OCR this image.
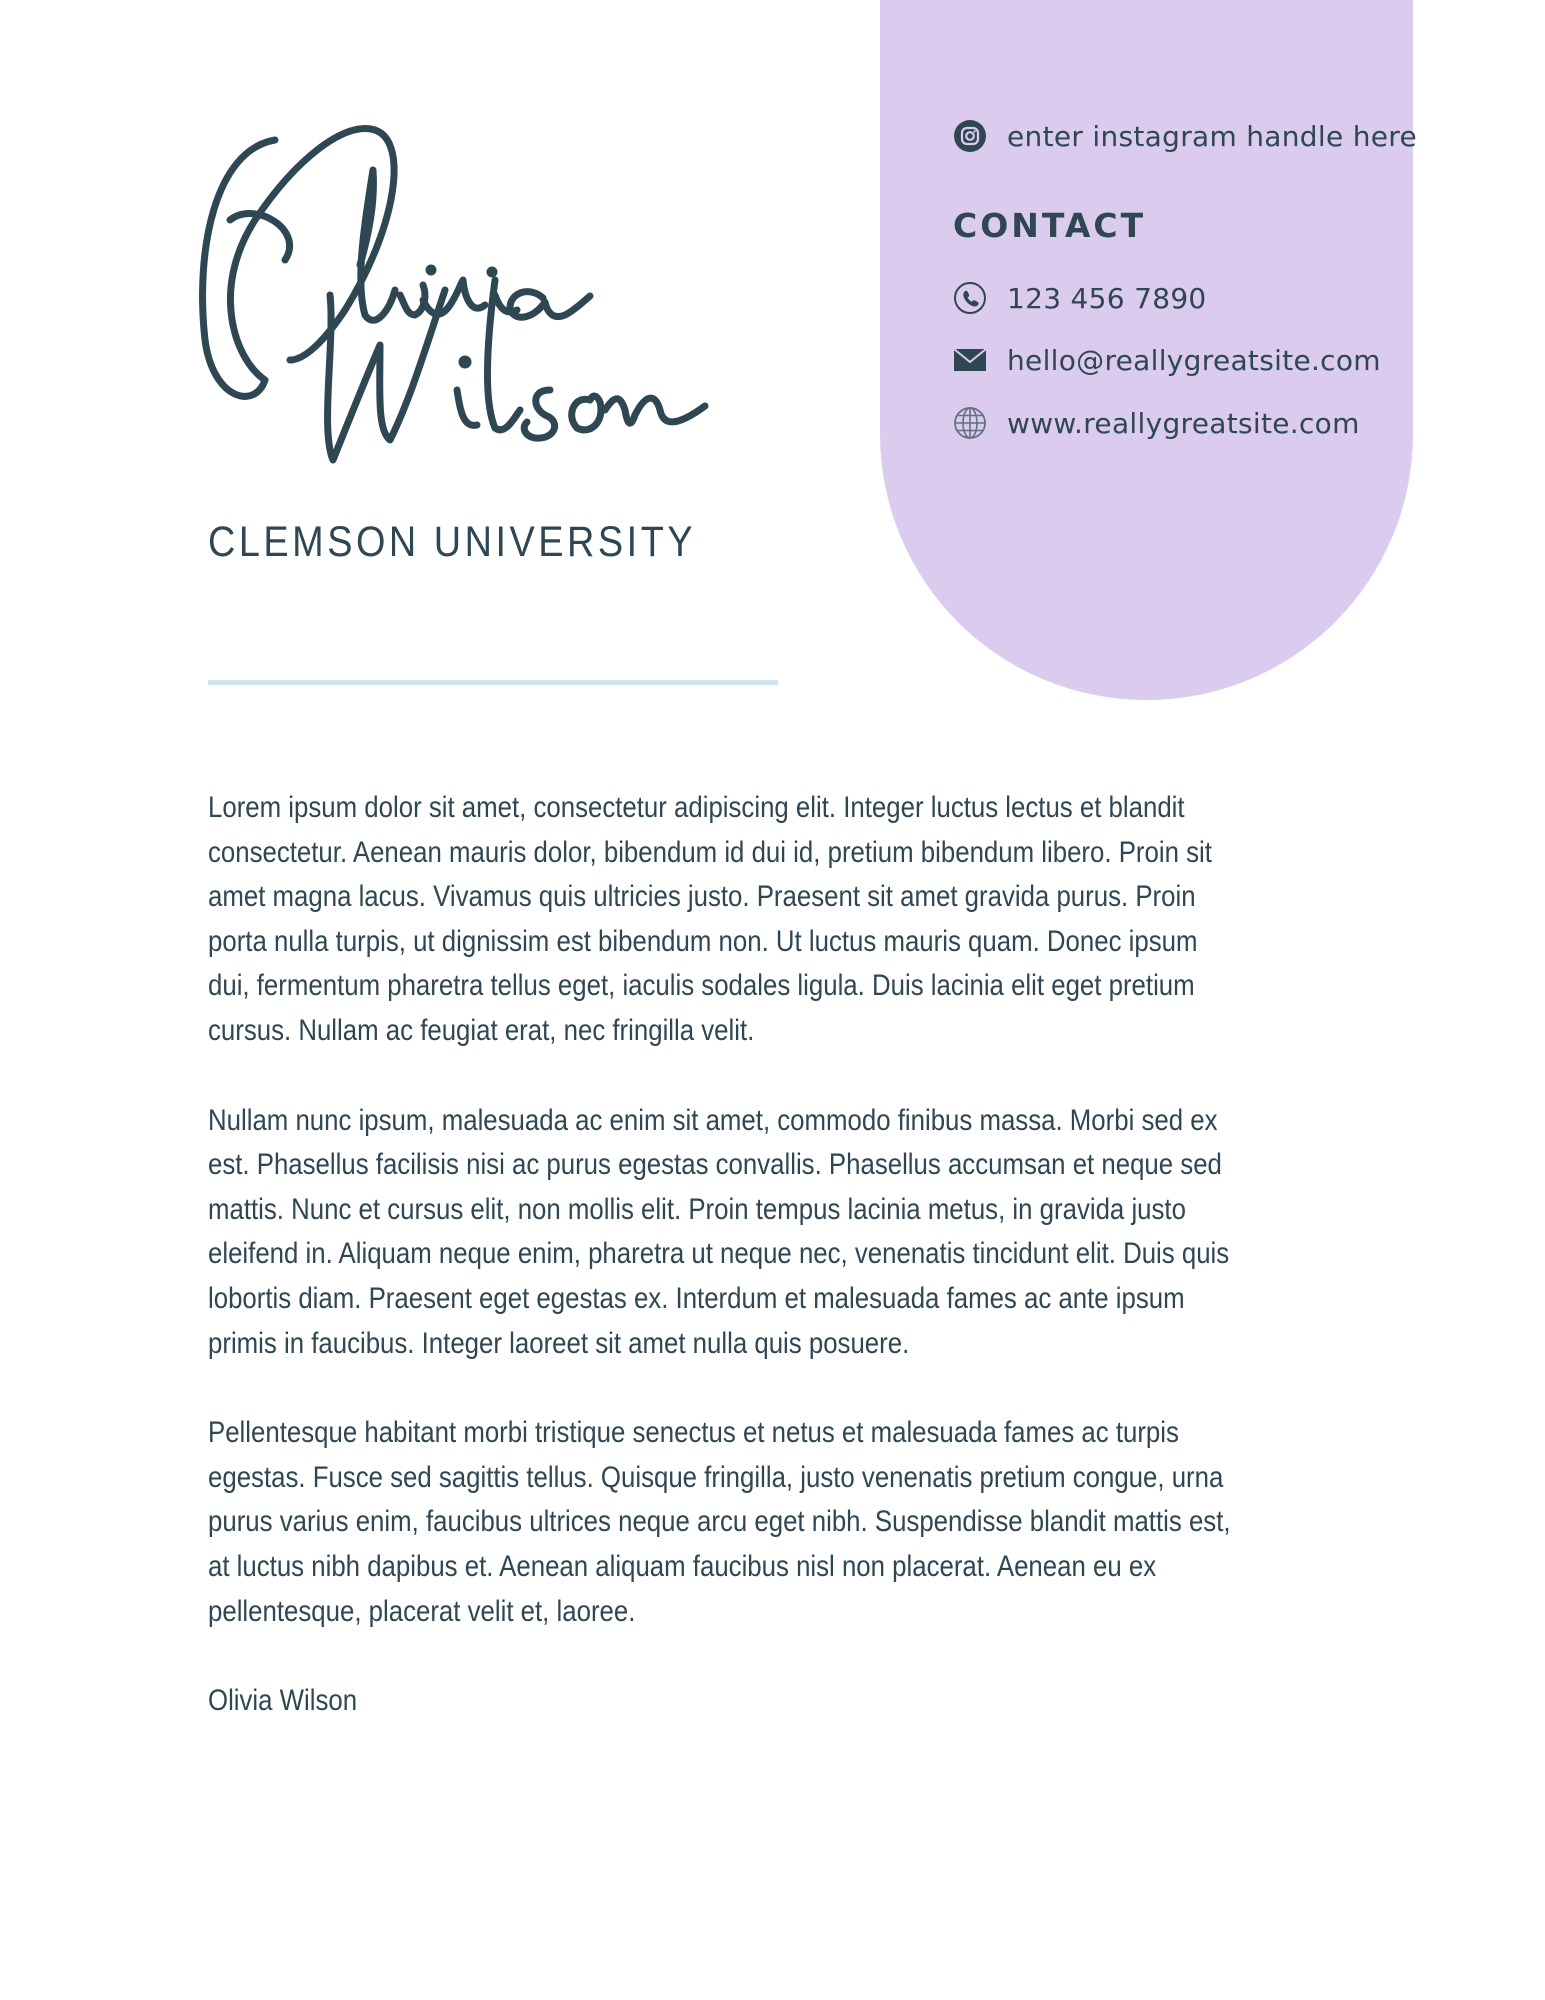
enter instagram handle here
CONTACT
123 456 7890
hello@reallygreatsite.com
www.reallygreatsite.com
CLEMSON UNIVERSITY

Lorem ipsum dolor sit amet, consectetur adipiscing elit. Integer luctus lectus et blandit consectetur. Aenean mauris dolor, bibendum id dui id, pretium bibendum libero. Proin sit amet magna lacus. Vivamus quis ultricies justo. Praesent sit amet gravida purus. Proin porta nulla turpis, ut dignissim est bibendum non. Ut luctus mauris quam. Donec ipsum dui, fermentum pharetra tellus eget, iaculis sodales ligula. Duis lacinia elit eget pretium cursus. Nullam ac feugiat erat, nec fringilla velit.

Nullam nunc ipsum, malesuada ac enim sit amet, commodo finibus massa. Morbi sed ex est. Phasellus facilisis nisi ac purus egestas convallis. Phasellus accumsan et neque sed mattis. Nunc et cursus elit, non mollis elit. Proin tempus lacinia metus, in gravida justo eleifend in. Aliquam neque enim, pharetra ut neque nec, venenatis tincidunt elit. Duis quis lobortis diam. Praesent eget egestas ex. Interdum et malesuada fames ac ante ipsum primis in faucibus. Integer laoreet sit amet nulla quis posuere.

Pellentesque habitant morbi tristique senectus et netus et malesuada fames ac turpis egestas. Fusce sed sagittis tellus. Quisque fringilla, justo venenatis pretium congue, urna purus varius enim, faucibus ultrices neque arcu eget nibh. Suspendisse blandit mattis est, at luctus nibh dapibus et. Aenean aliquam faucibus nisl non placerat. Aenean eu ex pellentesque, placerat velit et, laoree.

Olivia Wilson
